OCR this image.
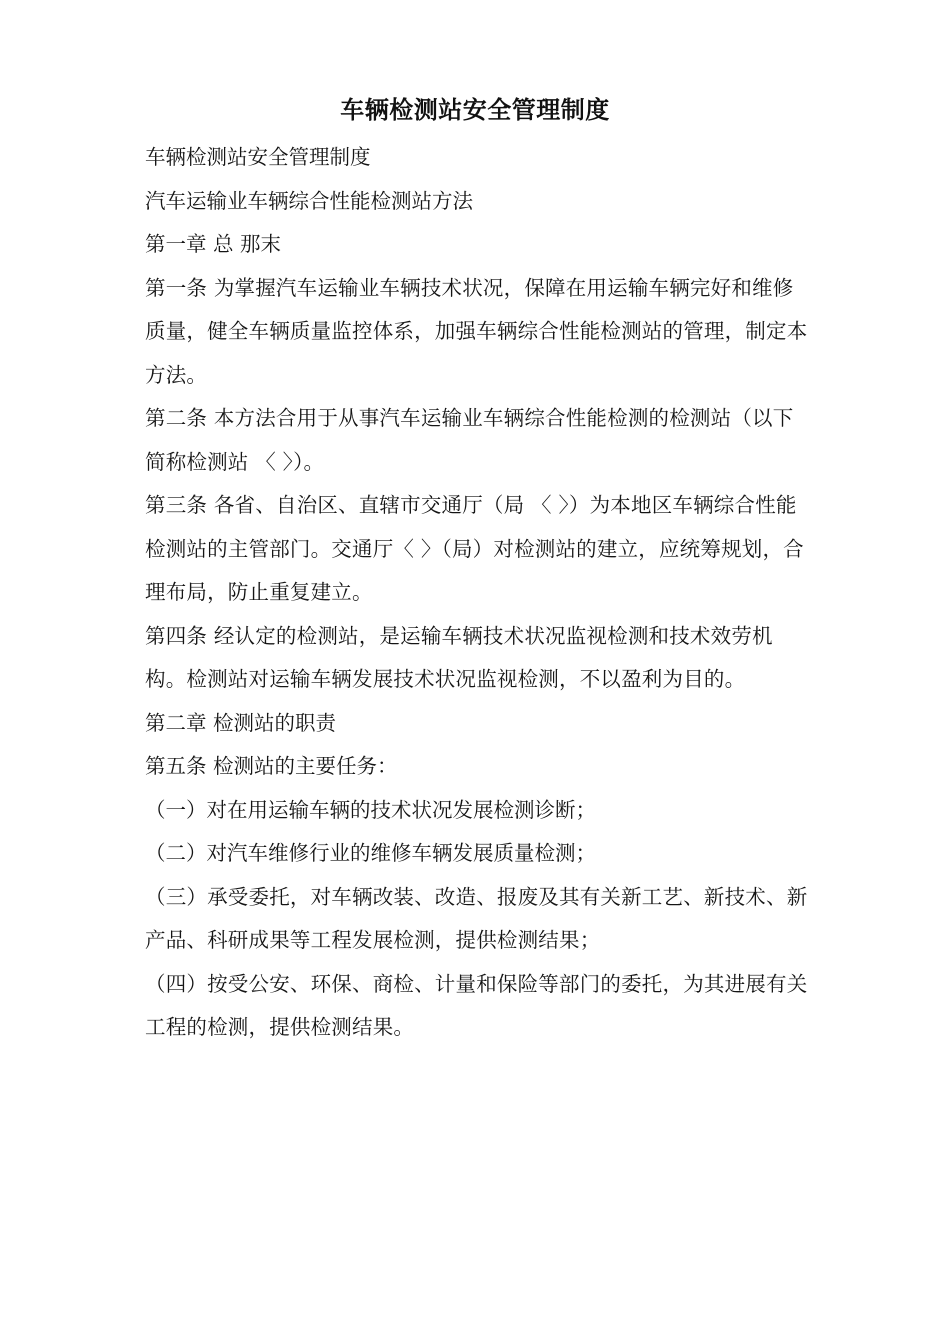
车辆检测站安全管理制度

车辆检测站安全管理制度

汽车运输业车辆综合性能检测站方法

第一章 总 那末

第一条 为掌握汽车运输业车辆技术状况，保障在用运输车辆完好和维修质量，健全车辆质量监控体系，加强车辆综合性能检测站的管理，制定本方法。

第二条 本方法合用于从事汽车运输业车辆综合性能检测的检测站（以下简称检测站 〈 〉）。

第三条 各省、自治区、直辖市交通厅（局 〈 〉）为本地区车辆综合性能检测站的主管部门。交通厅〈 〉（局）对检测站的建立，应统筹规划，合理布局，防止重复建立。

第四条 经认定的检测站，是运输车辆技术状况监视检测和技术效劳机构。检测站对运输车辆发展技术状况监视检测，不以盈利为目的。

第二章 检测站的职责

第五条 检测站的主要任务：

（一）对在用运输车辆的技术状况发展检测诊断；

（二）对汽车维修行业的维修车辆发展质量检测；

（三）承受委托，对车辆改装、改造、报废及其有关新工艺、新技术、新产品、科研成果等工程发展检测，提供检测结果；

（四）按受公安、环保、商检、计量和保险等部门的委托，为其进展有关工程的检测，提供检测结果。
